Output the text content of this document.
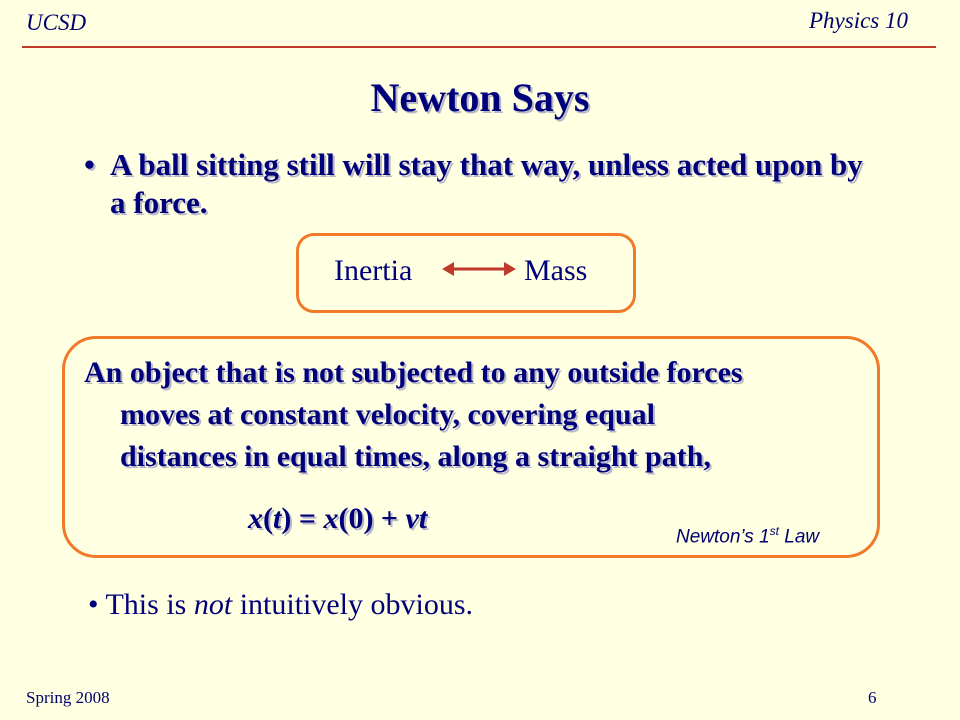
UCSD	Physics 10
Newton Says
• A ball sitting still will stay that way, unless acted upon by a force.
Inertia	Mass
An object that is not subjected to any outside forces
moves at constant velocity, covering equal
distances in equal times, along a straight path,
x(t) = x(0) + vt
Newton’s 1st Law
• This is not intuitively obvious.
Spring 2008	6
